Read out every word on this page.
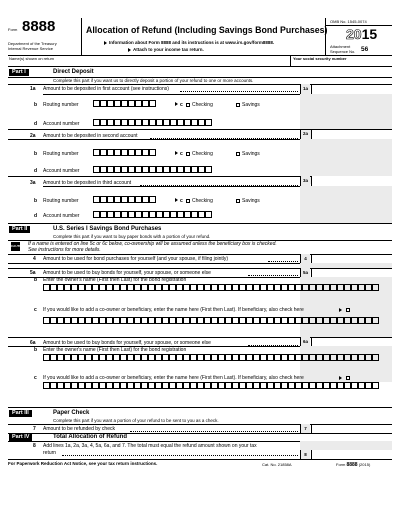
Form 8888
Department of the Treasury
Internal Revenue Service
Allocation of Refund (Including Savings Bond Purchases)
Information about Form 8888 and its instructions is at www.irs.gov/form8888.
Attach to your income tax return.
OMB No. 1545-0074
2015
Attachment
Sequence No. 56
Name(s) shown on return	Your social security number
Part I	Direct Deposit
Complete this part if you want us to directly deposit a portion of your refund to one or more accounts.
1a Amount to be deposited in first account (see instructions)	1a
b Routing number	c Checking	Savings
d Account number
2a Amount to be deposited in second account	2a
b Routing number	c Checking	Savings
d Account number
3a Amount to be deposited in third account	3a
b Routing number	c Checking	Savings
d Account number
Part II	U.S. Series I Savings Bond Purchases
Complete this part if you want to buy paper bonds with a portion of your refund.
CAUTION If a name is entered on line 5c or 6c below, co-ownership will be assumed unless the beneficiary box is checked.
See instructions for more details.
4 Amount to be used for bond purchases for yourself (and your spouse, if filing jointly)	4
5a Amount to be used to buy bonds for yourself, your spouse, or someone else	5a
b Enter the owner's name (First then Last) for the bond registration
c If you would like to add a co-owner or beneficiary, enter the name here (First then Last). If beneficiary, also check here
6a Amount to be used to buy bonds for yourself, your spouse, or someone else	6a
b Enter the owner's name (First then Last) for the bond registration
c If you would like to add a co-owner or beneficiary, enter the name here (First then Last). If beneficiary, also check here
Part III	Paper Check
Complete this part if you want a portion of your refund to be sent to you as a check.
7 Amount to be refunded by check	7
Part IV	Total Allocation of Refund
8 Add lines 1a, 2a, 3a, 4, 5a, 6a, and 7. The total must equal the refund amount shown on your tax
return	8
For Paperwork Reduction Act Notice, see your tax return instructions.	Cat. No. 21858A	Form 8888 (2015)
